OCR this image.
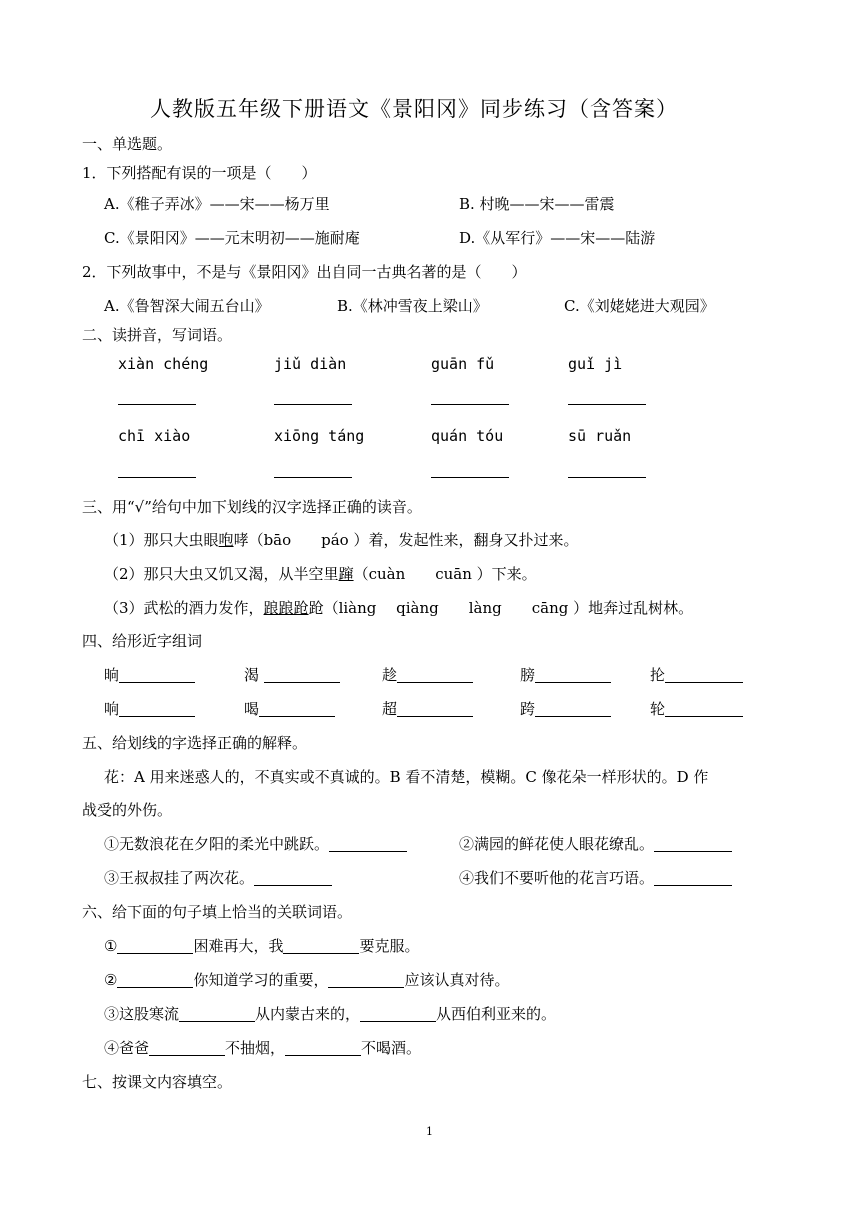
人教版五年级下册语文《景阳冈》同步练习（含答案）
一、单选题。
1．下列搭配有误的一项是（　　）
A.《稚子弄冰》——宋——杨万里	B. 村晚——宋——雷震
C.《景阳冈》——元末明初——施耐庵	D.《从军行》——宋——陆游
2．下列故事中，不是与《景阳冈》出自同一古典名著的是（　　）
A.《鲁智深大闹五台山》	B.《林冲雪夜上梁山》	C.《刘姥姥进大观园》
二、读拼音，写词语。
xiàn chéng	jiǔ diàn	guān fǔ	guǐ jì
chī xiào	xiōng táng	quán tóu	sū ruǎn
三、用“√”给句中加下划线的汉字选择正确的读音。
（1）那只大虫眼咆哮（bāo　　páo ）着，发起性来，翻身又扑过来。
（2）那只大虫又饥又渴，从半空里蹿（cuàn　　cuān ）下来。
（3）武松的酒力发作，踉踉跄跄（liàng　 qiàng　　làng　　cāng ）地奔过乱树林。
四、给形近字组词
晌	渴	趁	膀	抡
响	喝	超	跨	轮
五、给划线的字选择正确的解释。
花：A 用来迷惑人的，不真实或不真诚的。B 看不清楚，模糊。C 像花朵一样形状的。D 作
战受的外伤。
①无数浪花在夕阳的柔光中跳跃。	②满园的鲜花使人眼花缭乱。
③王叔叔挂了两次花。	④我们不要听他的花言巧语。
六、给下面的句子填上恰当的关联词语。
①	困难再大，我	要克服。
②	你知道学习的重要，	应该认真对待。
③这股寒流	从内蒙古来的，	从西伯利亚来的。
④爸爸	不抽烟，	不喝酒。
七、按课文内容填空。
1
